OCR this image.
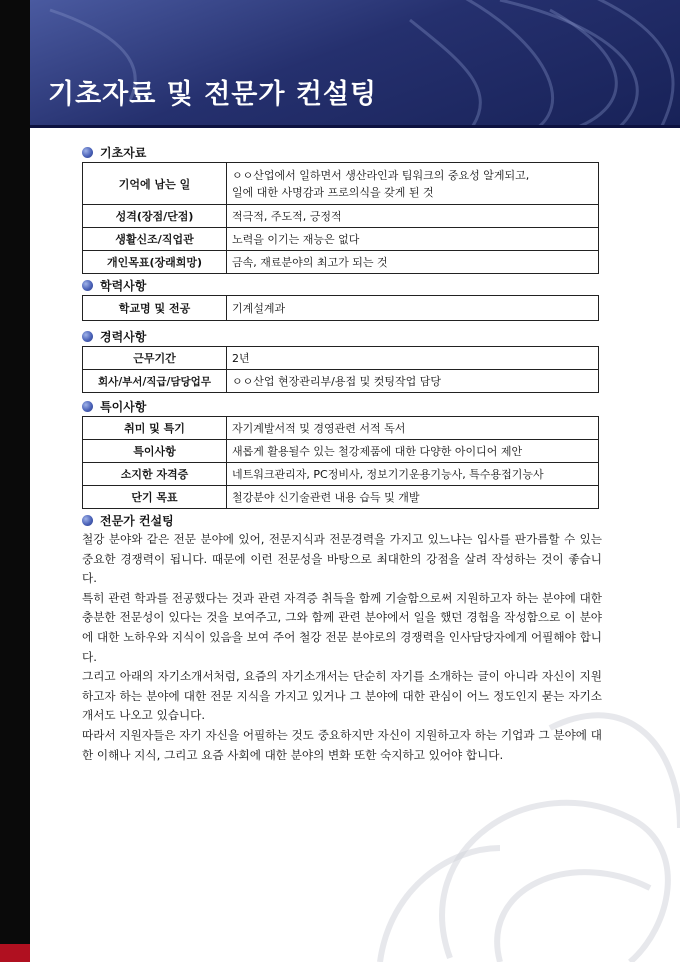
기초자료 및 전문가 컨설팅
기초자료
기억에 남는 일	ㅇㅇ산업에서 일하면서 생산라인과 팀워크의 중요성 알게되고,
일에 대한 사명감과 프로의식을 갖게 된 것
성격(장점/단점)	적극적, 주도적, 긍정적
생활신조/직업관	노력을 이기는 재능은 없다
개인목표(장래희망)	금속, 재료분야의 최고가 되는 것
학력사항
학교명 및 전공	기계설계과
경력사항
근무기간	2년
회사/부서/직급/담당업무	ㅇㅇ산업 현장관리부/용접 및 컷팅작업 담당
특이사항
취미 및 특기	자기계발서적 및 경영관련 서적 독서
특이사항	새롭게 활용될수 있는 철강제품에 대한 다양한 아이디어 제안
소지한 자격증	네트워크관리자, PC정비사, 정보기기운용기능사, 특수용접기능사
단기 목표	철강분야 신기술관련 내용 습득 및 개발
전문가 컨설팅

철강 분야와 같은 전문 분야에 있어, 전문지식과 전문경력을 가지고 있느냐는 입사를 판가름할 수 있는 중요한 경쟁력이 됩니다. 때문에 이런 전문성을 바탕으로 최대한의 강점을 살려 작성하는 것이 좋습니다.

특히 관련 학과를 전공했다는 것과 관련 자격증 취득을 함께 기술함으로써 지원하고자 하는 분야에 대한 충분한 전문성이 있다는 것을 보여주고, 그와 함께 관련 분야에서 일을 했던 경험을 작성함으로 이 분야에 대한 노하우와 지식이 있음을 보여 주어 철강 전문 분야로의 경쟁력을 인사담당자에게 어필해야 합니다.

그리고 아래의 자기소개서처럼, 요즘의 자기소개서는 단순히 자기를 소개하는 글이 아니라 자신이 지원하고자 하는 분야에 대한 전문 지식을 가지고 있거나 그 분야에 대한 관심이 어느 정도인지 묻는 자기소개서도 나오고 있습니다.

따라서 지원자들은 자기 자신을 어필하는 것도 중요하지만 자신이 지원하고자 하는 기업과 그 분야에 대한 이해나 지식, 그리고 요즘 사회에 대한 분야의 변화 또한 숙지하고 있어야 합니다.
